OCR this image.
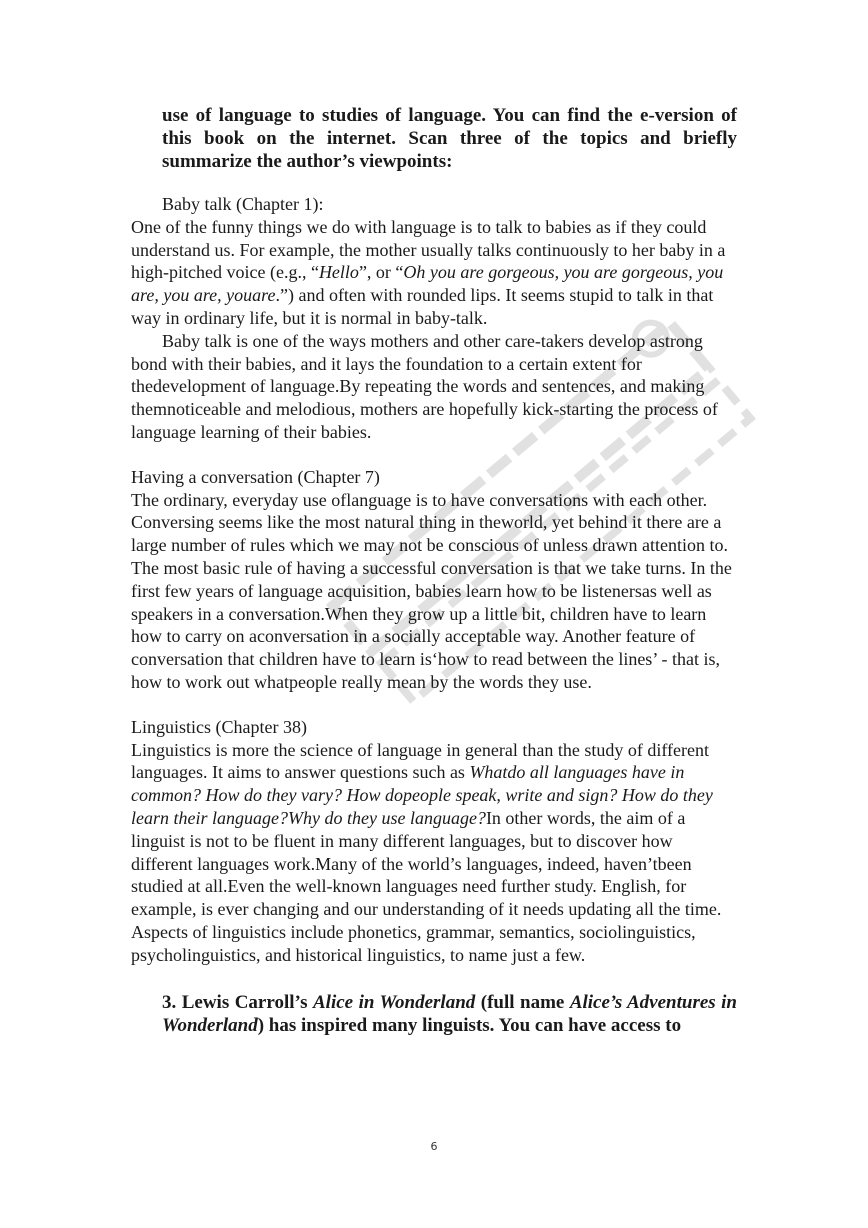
use of language to studies of language. You can find the e-version of this book on the internet. Scan three of the topics and briefly summarize the author’s viewpoints:

Baby talk (Chapter 1):

One of the funny things we do with language is to talk to babies as if they could understand us. For example, the mother usually talks continuously to her baby in a high-pitched voice (e.g., “Hello”, or “Oh you are gorgeous, you are gorgeous, you are, you are, youare.”) and often with rounded lips. It seems stupid to talk in that way in ordinary life, but it is normal in baby-talk.

Baby talk is one of the ways mothers and other care-takers develop astrong bond with their babies, and it lays the foundation to a certain extent for thedevelopment of language.By repeating the words and sentences, and making themnoticeable and melodious, mothers are hopefully kick-starting the process of language learning of their babies.

Having a conversation (Chapter 7)

The ordinary, everyday use oflanguage is to have conversations with each other. Conversing seems like the most natural thing in theworld, yet behind it there are a large number of rules which we may not be conscious of unless drawn attention to. The most basic rule of having a successful conversation is that we take turns. In the first few years of language acquisition, babies learn how to be listenersas well as speakers in a conversation.When they grow up a little bit, children have to learn how to carry on aconversation in a socially acceptable way. Another feature of conversation that children have to learn is‘how to read between the lines’ - that is, how to work out whatpeople really mean by the words they use.

Linguistics (Chapter 38)

Linguistics is more the science of language in general than the study of different languages. It aims to answer questions such as Whatdo all languages have in common? How do they vary? How dopeople speak, write and sign? How do they learn their language?Why do they use language?In other words, the aim of a linguist is not to be fluent in many different languages, but to discover how different languages work.Many of the world’s languages, indeed, haven’tbeen studied at all.Even the well-known languages need further study. English, for example, is ever changing and our understanding of it needs updating all the time. Aspects of linguistics include phonetics, grammar, semantics, sociolinguistics, psycholinguistics, and historical linguistics, to name just a few.

3. Lewis Carroll’s Alice in Wonderland (full name Alice’s Adventures in Wonderland) has inspired many linguists. You can have access to

6
